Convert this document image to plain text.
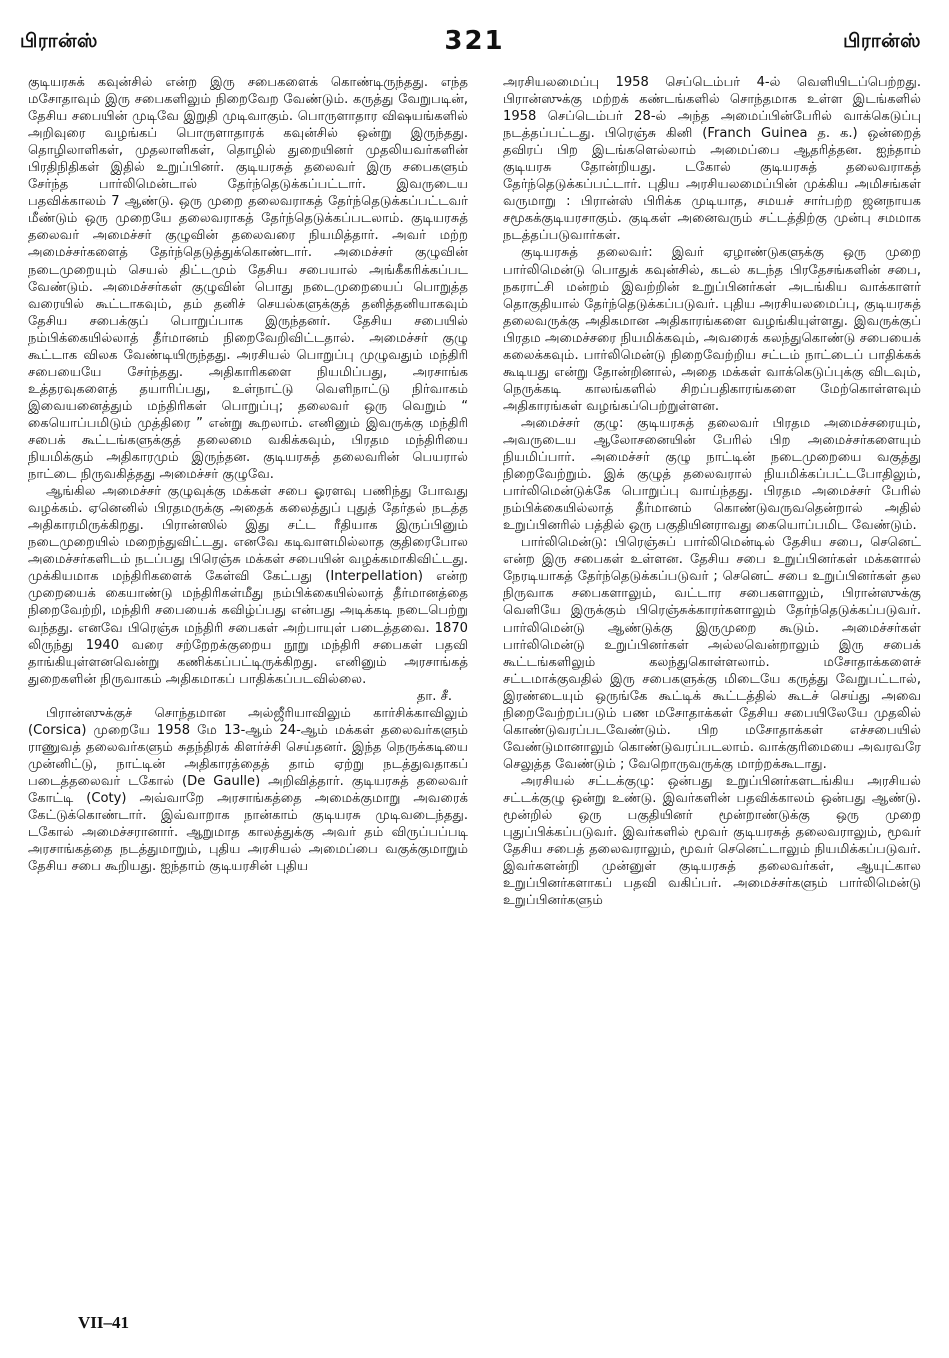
பிரான்ஸ்	321	பிரான்ஸ்

குடியரசுக் கவுன்சில் என்ற இரு சபைகளைக் கொண்டிருந்தது. எந்த மசோதாவும் இரு சபைகளிலும் நிறைவேற வேண்டும். கருத்து வேறுபடின், தேசிய சபையின் முடிவே இறுதி முடிவாகும். பொருளாதார விஷயங்களில் அறிவுரை வழங்கப் பொருளாதாரக் கவுன்சில் ஒன்று இருந்தது. தொழிலாளிகள், முதலாளிகள், தொழில் துறையினர் முதலியவர்களின் பிரதிநிதிகள் இதில் உறுப்பினர். குடியரசுத் தலைவர் இரு சபைகளும் சேர்ந்த பார்லிமென்டால் தேர்ந்தெடுக்கப்பட்டார். இவருடைய பதவிக்காலம் 7 ஆண்டு. ஒரு முறை தலைவராகத் தேர்ந்தெடுக்கப்பட்டவர் மீண்டும் ஒரு முறையே தலைவராகத் தேர்ந்தெடுக்கப்படலாம். குடியரசுத் தலைவர் அமைச்சர் குழுவின் தலைவரை நியமித்தார். அவர் மற்ற அமைச்சர்களைத் தேர்ந்தெடுத்துக்கொண்டார். அமைச்சர் குழுவின் நடைமுறையும் செயல் திட்டமும் தேசிய சபையால் அங்கீகரிக்கப்பட வேண்டும். அமைச்சர்கள் குழுவின் பொது நடைமுறையைப் பொறுத்த வரையில் கூட்டாகவும், தம் தனிச் செயல்களுக்குத் தனித்தனியாகவும் தேசிய சபைக்குப் பொறுப்பாக இருந்தனர். தேசிய சபையில் நம்பிக்கையில்லாத் தீர்மானம் நிறைவேறிவிட்டதால். அமைச்சர் குழு கூட்டாக விலக வேண்டியிருந்தது. அரசியல் பொறுப்பு முழுவதும் மந்திரி சபையையே சேர்ந்தது. அதிகாரிகளை நியமிப்பது, அரசாங்க உத்தரவுகளைத் தயாரிப்பது, உள்நாட்டு வெளிநாட்டு நிர்வாகம் இவையனைத்தும் மந்திரிகள் பொறுப்பு; தலைவர் ஒரு வெறும் “ கையொப்பமிடும் முத்திரை ” என்று கூறலாம். எனினும் இவருக்கு மந்திரி சபைக் கூட்டங்களுக்குத் தலைமை வகிக்கவும், பிரதம மந்திரியை நியமிக்கும் அதிகாரமும் இருந்தன. குடியரசுத் தலைவரின் பெயரால் நாட்டை நிருவகித்தது அமைச்சர் குழுவே.

ஆங்கில அமைச்சர் குழுவுக்கு மக்கள் சபை ஓரளவு பணிந்து போவது வழக்கம். ஏனெனில் பிரதமருக்கு அதைக் கலைத்துப் புதுத் தேர்தல் நடத்த அதிகாரமிருக்கிறது. பிரான்ஸில் இது சட்ட ரீதியாக இருப்பினும் நடைமுறையில் மறைந்துவிட்டது. எனவே கடிவாளமில்லாத குதிரைபோல அமைச்சர்களிடம் நடப்பது பிரெஞ்சு மக்கள் சபையின் வழக்கமாகிவிட்டது. முக்கியமாக மந்திரிகளைக் கேள்வி கேட்பது (Interpellation) என்ற முறையைக் கையாண்டு மந்திரிகள்மீது நம்பிக்கையில்லாத் தீர்மானத்தை நிறைவேற்றி, மந்திரி சபையைக் கவிழ்ப்பது என்பது அடிக்கடி நடைபெற்று வந்தது. எனவே பிரெஞ்சு மந்திரி சபைகள் அற்பாயுள் படைத்தவை. 1870 லிருந்து 1940 வரை சற்றேறக்குறைய நூறு மந்திரி சபைகள் பதவி தாங்கியுள்ளனவென்று கணிக்கப்பட்டிருக்கிறது. எனினும் அரசாங்கத் துறைகளின் நிருவாகம் அதிகமாகப் பாதிக்கப்படவில்லை.

தா. சீ.

பிரான்ஸுக்குச் சொந்தமான அல்ஜீரியாவிலும் கார்சிக்காவிலும் (Corsica) முறையே 1958 மே 13-ஆம் 24-ஆம் மக்கள் தலைவர்களும் ராணுவத் தலைவர்களும் சுதந்திரக் கிளர்ச்சி செய்தனர். இந்த நெருக்கடியை முன்னிட்டு, நாட்டின் அதிகாரத்தைத் தாம் ஏற்று நடத்துவதாகப் படைத்தலைவர் டகோல் (De Gaulle) அறிவித்தார். குடியரசுத் தலைவர் கோட்டி (Coty) அவ்வாறே அரசாங்கத்தை அமைக்குமாறு அவரைக் கேட்டுக்கொண்டார். இவ்வாறாக நான்காம் குடியரசு முடிவடைந்தது. டகோல் அமைச்சரானார். ஆறுமாத காலத்துக்கு அவர் தம் விருப்பப்படி அரசாங்கத்தை நடத்துமாறும், புதிய அரசியல் அமைப்பை வகுக்குமாறும் தேசிய சபை கூறியது. ஐந்தாம் குடியரசின் புதிய

அரசியலமைப்பு 1958 செப்டெம்பர் 4-ல் வெளியிடப்பெற்றது. பிரான்ஸுக்கு மற்றக் கண்டங்களில் சொந்தமாக உள்ள இடங்களில் 1958 செப்டெம்பர் 28-ல் அந்த அமைப்பின்பேரில் வாக்கெடுப்பு நடத்தப்பட்டது. பிரெஞ்சு கினி (Franch Guinea த. க.) ஒன்றைத் தவிரப் பிற இடங்களெல்லாம் அமைப்பை ஆதரித்தன. ஐந்தாம் குடியரசு தோன்றியது. டகோல் குடியரசுத் தலைவராகத் தேர்ந்தெடுக்கப்பட்டார். புதிய அரசியலமைப்பின் முக்கிய அமிசங்கள் வருமாறு : பிரான்ஸ் பிரிக்க முடியாத, சமயச் சார்பற்ற ஜனநாயக சமூகக்குடியரசாகும். குடிகள் அனைவரும் சட்டத்திற்கு முன்பு சமமாக நடத்தப்படுவார்கள்.

குடியரசுத் தலைவர்: இவர் ஏழாண்டுகளுக்கு ஒரு முறை பார்லிமென்டு பொதுக் கவுன்சில், கடல் கடந்த பிரதேசங்களின் சபை, நகராட்சி மன்றம் இவற்றின் உறுப்பினர்கள் அடங்கிய வாக்காளர் தொகுதியால் தேர்ந்தெடுக்கப்படுவர். புதிய அரசியலமைப்பு, குடியரசுத் தலைவருக்கு அதிகமான அதிகாரங்களை வழங்கியுள்ளது. இவருக்குப் பிரதம அமைச்சரை நியமிக்கவும், அவரைக் கலந்துகொண்டு சபையைக் கலைக்கவும். பார்லிமென்டு நிறைவேற்றிய சட்டம் நாட்டைப் பாதிக்கக் கூடியது என்று தோன்றினால், அதை மக்கள் வாக்கெடுப்புக்கு விடவும், நெருக்கடி காலங்களில் சிறப்பதிகாரங்களை மேற்கொள்ளவும் அதிகாரங்கள் வழங்கப்பெற்றுள்ளன.

அமைச்சர் குழு: குடியரசுத் தலைவர் பிரதம அமைச்சரையும், அவருடைய ஆலோசனையின் பேரில் பிற அமைச்சர்களையும் நியமிப்பார். அமைச்சர் குழு நாட்டின் நடைமுறையை வகுத்து நிறைவேற்றும். இக் குழுத் தலைவரால் நியமிக்கப்பட்டபோதிலும், பார்லிமென்டுக்கே பொறுப்பு வாய்ந்தது. பிரதம அமைச்சர் பேரில் நம்பிக்கையில்லாத் தீர்மானம் கொண்டுவருவதென்றால் அதில் உறுப்பினரில் பத்தில் ஒரு பகுதியினராவது கையொப்பமிட வேண்டும்.

பார்லிமென்டு: பிரெஞ்சுப் பார்லிமென்டில் தேசிய சபை, செனெட் என்ற இரு சபைகள் உள்ளன. தேசிய சபை உறுப்பினர்கள் மக்களால் நேரடியாகத் தேர்ந்தெடுக்கப்படுவர் ; செனெட் சபை உறுப்பினர்கள் தல நிருவாக சபைகளாலும், வட்டார சபைகளாலும், பிரான்ஸுக்கு வெளியே இருக்கும் பிரெஞ்சுக்காரர்களாலும் தேர்ந்தெடுக்கப்படுவர். பார்லிமென்டு ஆண்டுக்கு இருமுறை கூடும். அமைச்சர்கள் பார்லிமென்டு உறுப்பினர்கள் அல்லவென்றாலும் இரு சபைக் கூட்டங்களிலும் கலந்துகொள்ளலாம். மசோதாக்களைச் சட்டமாக்குவதில் இரு சபைகளுக்கு மிடையே கருத்து வேறுபட்டால், இரண்டையும் ஒருங்கே கூட்டிக் கூட்டத்தில் கூடச் செய்து அவை நிறைவேற்றப்படும் பண மசோதாக்கள் தேசிய சபையிலேயே முதலில் கொண்டுவரப்படவேண்டும். பிற மசோதாக்கள் எச்சபையில் வேண்டுமானாலும் கொண்டுவரப்படலாம். வாக்குரிமையை அவரவரே செலுத்த வேண்டும் ; வேறொருவருக்கு மாற்றக்கூடாது.

அரசியல் சட்டக்குழு: ஒன்பது உறுப்பினர்களடங்கிய அரசியல் சட்டக்குழு ஒன்று உண்டு. இவர்களின் பதவிக்காலம் ஒன்பது ஆண்டு. மூன்றில் ஒரு பகுதியினர் மூன்றாண்டுக்கு ஒரு முறை புதுப்பிக்கப்படுவர். இவர்களில் மூவர் குடியரசுத் தலைவராலும், மூவர் தேசிய சபைத் தலைவராலும், மூவர் செனெட்டாலும் நியமிக்கப்படுவர். இவர்களன்றி முன்னுள் குடியரசுத் தலைவர்கள், ஆயுட்கால உறுப்பினர்களாகப் பதவி வகிப்பர். அமைச்சர்களும் பார்லிமென்டு உறுப்பினர்களும்

VII–41
